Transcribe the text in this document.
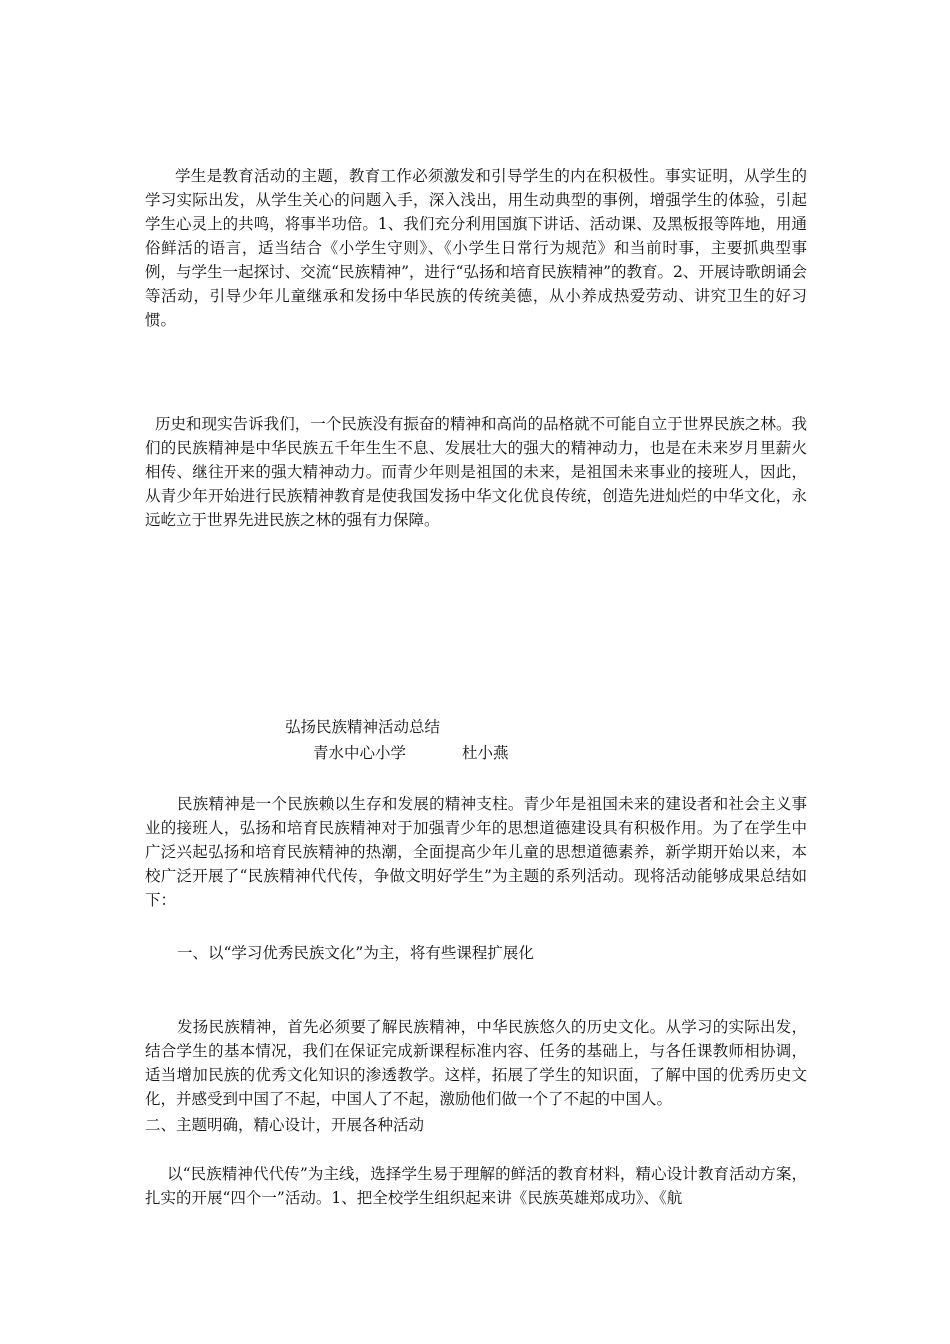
学生是教育活动的主题，教育工作必须激发和引导学生的内在积极性。事实证明，从学生的学习实际出发，从学生关心的问题入手，深入浅出，用生动典型的事例，增强学生的体验，引起学生心灵上的共鸣，将事半功倍。1、我们充分利用国旗下讲话、活动课、及黑板报等阵地，用通俗鲜活的语言，适当结合《小学生守则》、《小学生日常行为规范》和当前时事，主要抓典型事例，与学生一起探讨、交流“民族精神”，进行“弘扬和培育民族精神”的教育。2、开展诗歌朗诵会等活动，引导少年儿童继承和发扬中华民族的传统美德，从小养成热爱劳动、讲究卫生的好习惯。

历史和现实告诉我们，一个民族没有振奋的精神和高尚的品格就不可能自立于世界民族之林。我们的民族精神是中华民族五千年生生不息、发展壮大的强大的精神动力，也是在未来岁月里薪火相传、继往开来的强大精神动力。而青少年则是祖国的未来，是祖国未来事业的接班人，因此，从青少年开始进行民族精神教育是使我国发扬中华文化优良传统，创造先进灿烂的中华文化，永远屹立于世界先进民族之林的强有力保障。

弘扬民族精神活动总结

青水中心小学	杜小燕

民族精神是一个民族赖以生存和发展的精神支柱。青少年是祖国未来的建设者和社会主义事业的接班人，弘扬和培育民族精神对于加强青少年的思想道德建设具有积极作用。为了在学生中广泛兴起弘扬和培育民族精神的热潮，全面提高少年儿童的思想道德素养，新学期开始以来，本校广泛开展了“民族精神代代传，争做文明好学生”为主题的系列活动。现将活动能够成果总结如下：

一、以“学习优秀民族文化”为主，将有些课程扩展化

发扬民族精神，首先必须要了解民族精神，中华民族悠久的历史文化。从学习的实际出发，结合学生的基本情况，我们在保证完成新课程标准内容、任务的基础上，与各任课教师相协调，适当增加民族的优秀文化知识的渗透教学。这样，拓展了学生的知识面，了解中国的优秀历史文化，并感受到中国了不起，中国人了不起，激励他们做一个了不起的中国人。

二、主题明确，精心设计，开展各种活动

以“民族精神代代传”为主线，选择学生易于理解的鲜活的教育材料，精心设计教育活动方案，扎实的开展“四个一”活动。1、把全校学生组织起来讲《民族英雄郑成功》、《航
